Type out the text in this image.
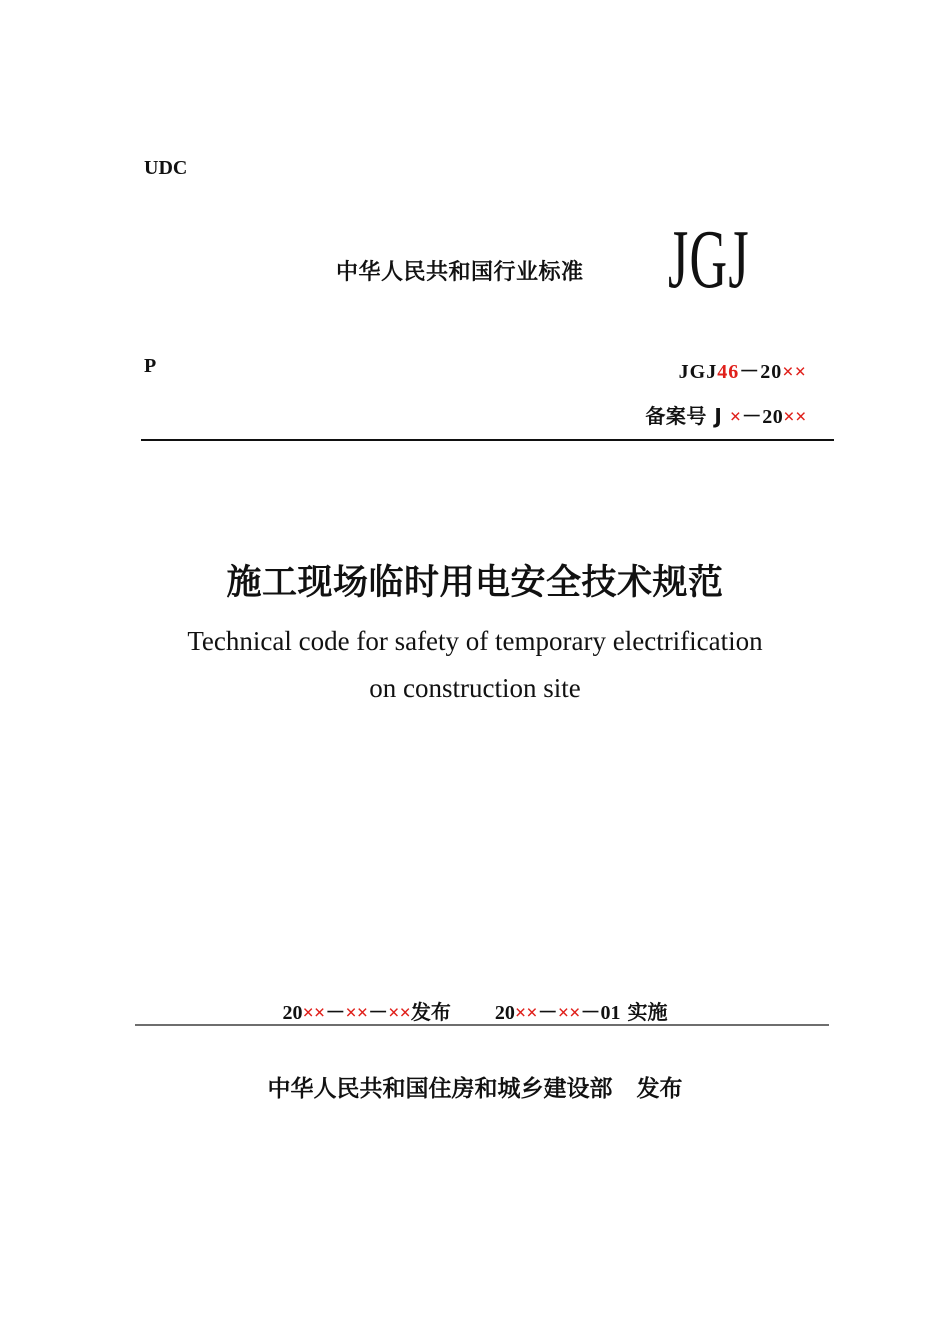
UDC
中华人民共和国行业标准 JGJ
P	JGJ46－20××
备案号 J ×－20××
施工现场临时用电安全技术规范
Technical code for safety of temporary electrification
on construction site
20××－××－××发布 20××－××－01 实施
中华人民共和国住房和城乡建设部 发布
